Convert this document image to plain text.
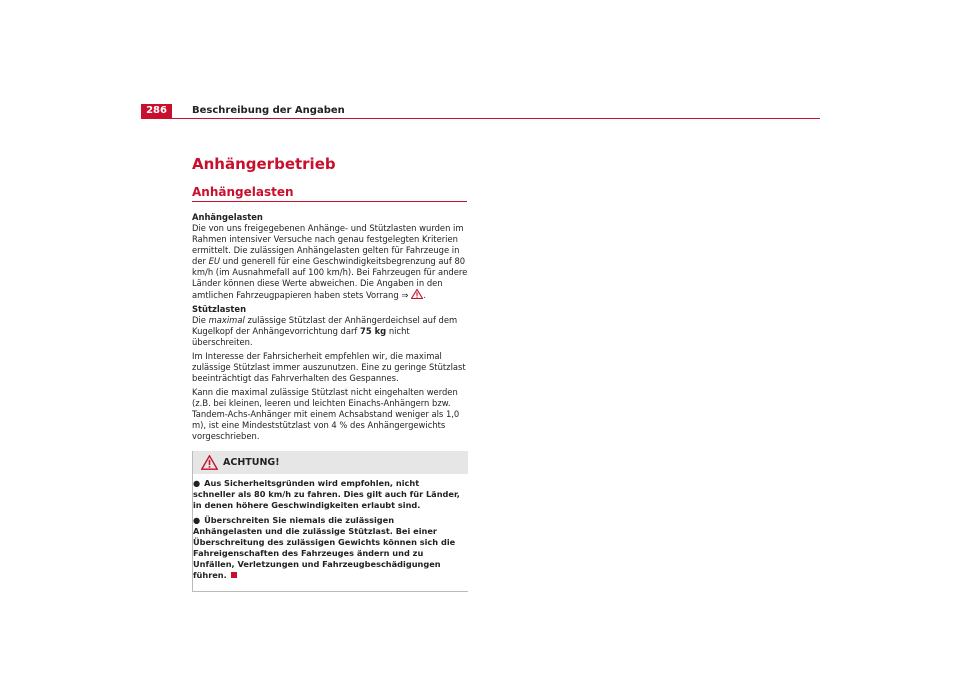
286	Beschreibung der Angaben
Anhängerbetrieb
Anhängelasten

Anhängelasten

Die von uns freigegebenen Anhänge- und Stützlasten wurden im Rahmen intensiver Versuche nach genau festgelegten Kriterien ermittelt. Die zulässigen Anhängelasten gelten für Fahrzeuge in der EU und generell für eine Geschwindigkeitsbegrenzung auf 80 km/h (im Ausnahmefall auf 100 km/h). Bei Fahrzeugen für andere Länder können diese Werte abweichen. Die Angaben in den amtlichen Fahrzeugpapieren haben stets Vorrang ⇒ .

Stützlasten

Die maximal zulässige Stützlast der Anhängerdeichsel auf dem Kugelkopf der Anhängevorrichtung darf 75 kg nicht überschreiten.

Im Interesse der Fahrsicherheit empfehlen wir, die maximal zulässige Stützlast immer auszunutzen. Eine zu geringe Stützlast beeinträchtigt das Fahrverhalten des Gespannes.

Kann die maximal zulässige Stützlast nicht eingehalten werden (z.B. bei kleinen, leeren und leichten Einachs-Anhängern bzw. Tandem-Achs-Anhänger mit einem Achsabstand weniger als 1,0 m), ist eine Mindeststützlast von 4 % des Anhängergewichts vorgeschrieben.

ACHTUNG!
● Aus Sicherheitsgründen wird empfohlen, nicht schneller als 80 km/h zu fahren. Dies gilt auch für Länder, in denen höhere Geschwindigkeiten erlaubt sind.
● Überschreiten Sie niemals die zulässigen Anhängelasten und die zulässige Stützlast. Bei einer Überschreitung des zulässigen Gewichts können sich die Fahreigenschaften des Fahrzeuges ändern und zu Unfällen, Verletzungen und Fahrzeugbeschädigungen führen.
